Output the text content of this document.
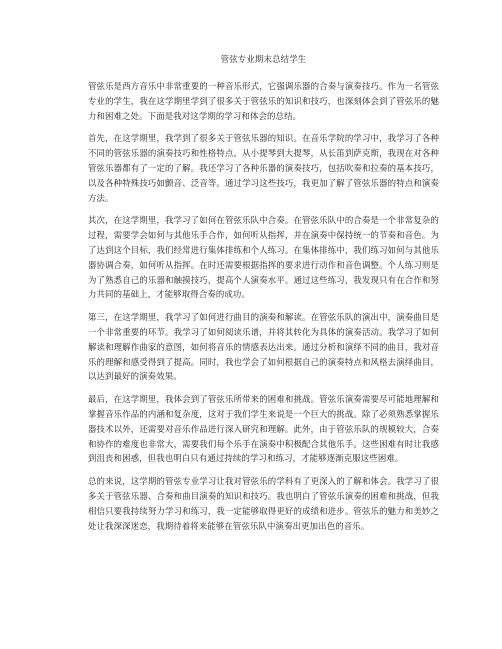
管弦专业期末总结学生

管弦乐是西方音乐中非常重要的一种音乐形式，它强调乐器的合奏与演奏技巧。作为一名管弦专业的学生，我在这学期里学到了很多关于管弦乐的知识和技巧，也深刻体会到了管弦乐的魅力和困难之处。下面是我对这学期的学习和体会的总结。

首先，在这学期里，我学到了很多关于管弦乐器的知识。在音乐学院的学习中，我学习了各种不同的管弦乐器的演奏技巧和性格特点。从小提琴到大提琴，从长笛到萨克斯，我现在对各种管弦乐器都有了一定的了解。我还学习了各种乐器的演奏技巧，包括吹奏和拉奏的基本技巧，以及各种特殊技巧如颤音、泛音等。通过学习这些技巧，我更加了解了管弦乐器的特点和演奏方法。

其次，在这学期里，我学习了如何在管弦乐队中合奏。在管弦乐队中的合奏是一个非常复杂的过程，需要学会如何与其他乐手合作，如何听从指挥，并在演奏中保持统一的节奏和音色。为了达到这个目标，我们经常进行集体排练和个人练习。在集体排练中，我们练习如何与其他乐器协调合奏，如何听从指挥。在时还需要根据指挥的要求进行动作和音色调整。个人练习则是为了熟悉自己的乐器和触摸技巧，提高个人演奏水平。通过这些练习，我发现只有在合作和努力共同的基础上，才能够取得合奏的成功。

第三，在这学期里，我学习了如何进行曲目的演奏和解读。在管弦乐队的演出中，演奏曲目是一个非常重要的环节。我学习了如何阅读乐谱，并将其转化为具体的演奏活动。我学习了如何解读和理解作曲家的意图，如何将音乐的情感表达出来。通过分析和演绎不同的曲目，我对音乐的理解和感受得到了提高。同时，我也学会了如何根据自己的演奏特点和风格去演绎曲目，以达到最好的演奏效果。

最后，在这学期里，我体会到了管弦乐所带来的困难和挑战。管弦乐演奏需要尽可能地理解和掌握音乐作品的内涵和复杂度，这对于我们学生来说是一个巨大的挑战。除了必须熟悉掌握乐器技术以外，还需要对音乐作品进行深入研究和理解。此外，由于管弦乐队的规模较大，合奏和协作的难度也非常大，需要我们每个乐手在演奏中积极配合其他乐手。这些困难有时让我感到沮丧和困惑，但我也明白只有通过持续的学习和练习，才能够逐渐克服这些困难。

总的来说，这学期的管弦专业学习让我对管弦乐的学科有了更深入的了解和体会。我学习了很多关于管弦乐器、合奏和曲目演奏的知识和技巧。我也明白了管弦乐演奏的困难和挑战，但我相信只要我持续努力学习和练习，我一定能够取得更好的成绩和进步。管弦乐的魅力和美妙之处让我深深迷恋，我期待着将来能够在管弦乐队中演奏出更加出色的音乐。
